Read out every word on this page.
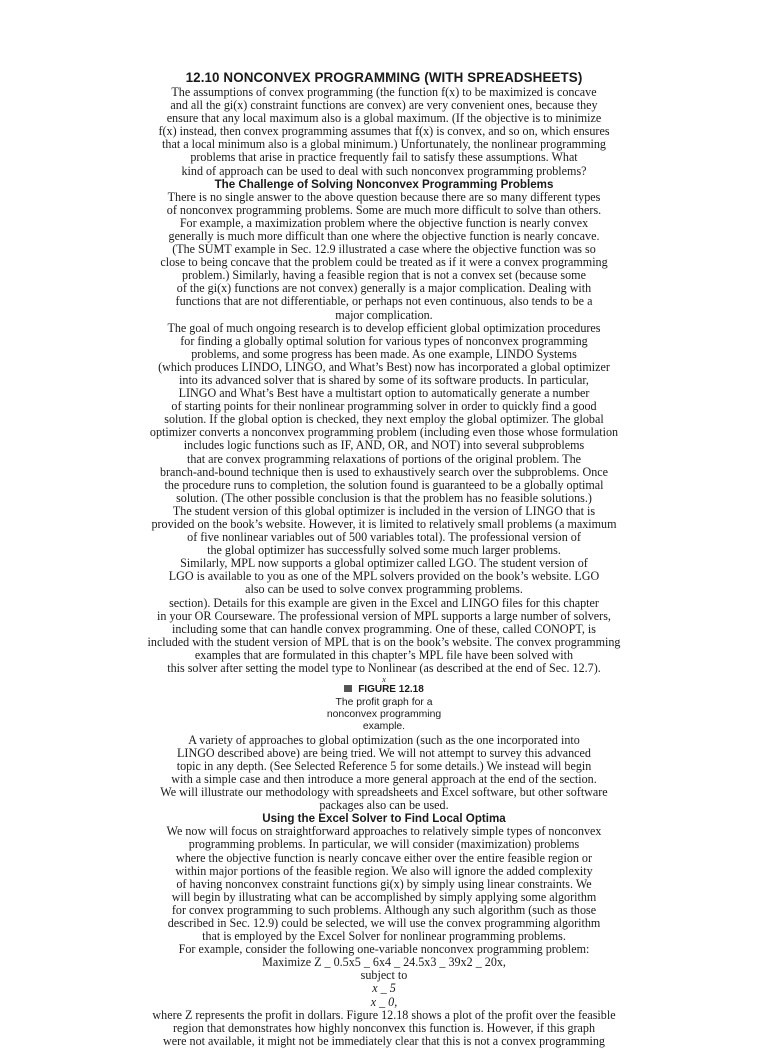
12.10 NONCONVEX PROGRAMMING (WITH SPREADSHEETS)

The assumptions of convex programming (the function f(x) to be maximized is concave

and all the gi(x) constraint functions are convex) are very convenient ones, because they

ensure that any local maximum also is a global maximum. (If the objective is to minimize

f(x) instead, then convex programming assumes that f(x) is convex, and so on, which ensures

that a local minimum also is a global minimum.) Unfortunately, the nonlinear programming

problems that arise in practice frequently fail to satisfy these assumptions. What

kind of approach can be used to deal with such nonconvex programming problems?

The Challenge of Solving Nonconvex Programming Problems

There is no single answer to the above question because there are so many different types

of nonconvex programming problems. Some are much more difficult to solve than others.

For example, a maximization problem where the objective function is nearly convex

generally is much more difficult than one where the objective function is nearly concave.

(The SUMT example in Sec. 12.9 illustrated a case where the objective function was so

close to being concave that the problem could be treated as if it were a convex programming

problem.) Similarly, having a feasible region that is not a convex set (because some

of the gi(x) functions are not convex) generally is a major complication. Dealing with

functions that are not differentiable, or perhaps not even continuous, also tends to be a

major complication.

The goal of much ongoing research is to develop efficient global optimization procedures

for finding a globally optimal solution for various types of nonconvex programming

problems, and some progress has been made. As one example, LINDO Systems

(which produces LINDO, LINGO, and What’s Best) now has incorporated a global optimizer

into its advanced solver that is shared by some of its software products. In particular,

LINGO and What’s Best have a multistart option to automatically generate a number

of starting points for their nonlinear programming solver in order to quickly find a good

solution. If the global option is checked, they next employ the global optimizer. The global

optimizer converts a nonconvex programming problem (including even those whose formulation

includes logic functions such as IF, AND, OR, and NOT) into several subproblems

that are convex programming relaxations of portions of the original problem. The

branch-and-bound technique then is used to exhaustively search over the subproblems. Once

the procedure runs to completion, the solution found is guaranteed to be a globally optimal

solution. (The other possible conclusion is that the problem has no feasible solutions.)

The student version of this global optimizer is included in the version of LINGO that is

provided on the book’s website. However, it is limited to relatively small problems (a maximum

of five nonlinear variables out of 500 variables total). The professional version of

the global optimizer has successfully solved some much larger problems.

Similarly, MPL now supports a global optimizer called LGO. The student version of

LGO is available to you as one of the MPL solvers provided on the book’s website. LGO

also can be used to solve convex programming problems.

section). Details for this example are given in the Excel and LINGO files for this chapter

in your OR Courseware. The professional version of MPL supports a large number of solvers,

including some that can handle convex programming. One of these, called CONOPT, is

included with the student version of MPL that is on the book’s website. The convex programming

examples that are formulated in this chapter’s MPL file have been solved with

this solver after setting the model type to Nonlinear (as described at the end of Sec. 12.7).

x

FIGURE 12.18

The profit graph for a

nonconvex programming

example.

A variety of approaches to global optimization (such as the one incorporated into

LINGO described above) are being tried. We will not attempt to survey this advanced

topic in any depth. (See Selected Reference 5 for some details.) We instead will begin

with a simple case and then introduce a more general approach at the end of the section.

We will illustrate our methodology with spreadsheets and Excel software, but other software

packages also can be used.

Using the Excel Solver to Find Local Optima

We now will focus on straightforward approaches to relatively simple types of nonconvex

programming problems. In particular, we will consider (maximization) problems

where the objective function is nearly concave either over the entire feasible region or

within major portions of the feasible region. We also will ignore the added complexity

of having nonconvex constraint functions gi(x) by simply using linear constraints. We

will begin by illustrating what can be accomplished by simply applying some algorithm

for convex programming to such problems. Although any such algorithm (such as those

described in Sec. 12.9) could be selected, we will use the convex programming algorithm

that is employed by the Excel Solver for nonlinear programming problems.

For example, consider the following one-variable nonconvex programming problem:

Maximize Z _ 0.5x5 _ 6x4 _ 24.5x3 _ 39x2 _ 20x,

subject to

x _ 5

x _ 0,

where Z represents the profit in dollars. Figure 12.18 shows a plot of the profit over the feasible

region that demonstrates how highly nonconvex this function is. However, if this graph

were not available, it might not be immediately clear that this is not a convex programming
